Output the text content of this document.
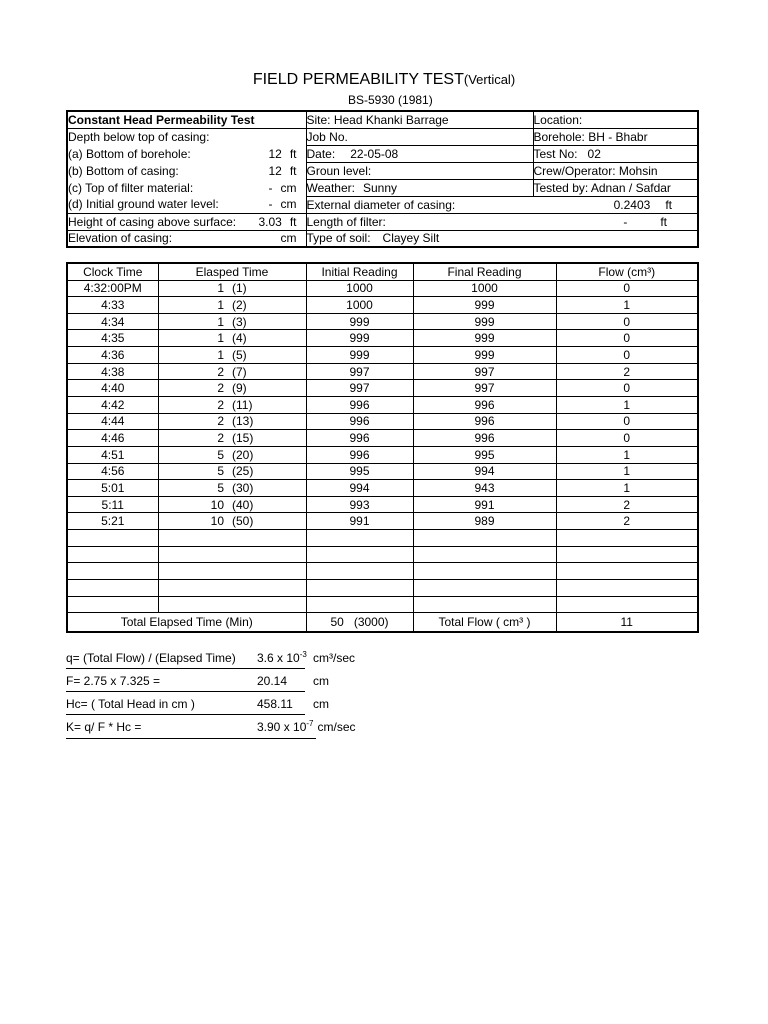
FIELD PERMEABILITY TEST(Vertical)
BS-5930 (1981)
Constant Head Permeability Test	Site: Head Khanki Barrage	Location:
Depth below top of casing:	Job No.	Borehole: BH - Bhabr

(a) Bottom of borehole: 12 ft	Date: 22-05-08	Test No: 02

(b) Bottom of casing: 12 ft	Groun level:	Crew/Operator: Mohsin

(c) Top of filter material: - cm	Weather: Sunny	Tested by: Adnan / Safdar

(d) Initial ground water level: - cm	External diameter of casing: 0.2403 ft	

Height of casing above surface: 3.03 ft	Length of filter: - ft	

Elevation of casing: cm	Type of soil: Clayey Silt	
Clock Time	Elasped Time	Initial Reading	Final Reading	Flow (cm³)
4:32:00PM	1 (1)	1000	1000	0
4:33	1 (2)	1000	999	1
4:34	1 (3)	999	999	0
4:35	1 (4)	999	999	0
4:36	1 (5)	999	999	0
4:38	2 (7)	997	997	2
4:40	2 (9)	997	997	0
4:42	2 (11)	996	996	1
4:44	2 (13)	996	996	0
4:46	2 (15)	996	996	0
4:51	5 (20)	996	995	1
4:56	5 (25)	995	994	1
5:01	5 (30)	994	943	1
5:11	10 (40)	993	991	2
5:21	10 (50)	991	989	2

Total Elapsed Time (Min)		50 (3000)	Total Flow ( cm³ )	11
q= (Total Flow) / (Elapsed Time) 3.6 x $10^{-3}$ cm³/sec
F= 2.75 x 7.325 =	20.14 cm
Hc= ( Total Head in cm )	458.11 cm
K= q/ F * Hc =	3.90 x $10^{-7}$ cm/sec
